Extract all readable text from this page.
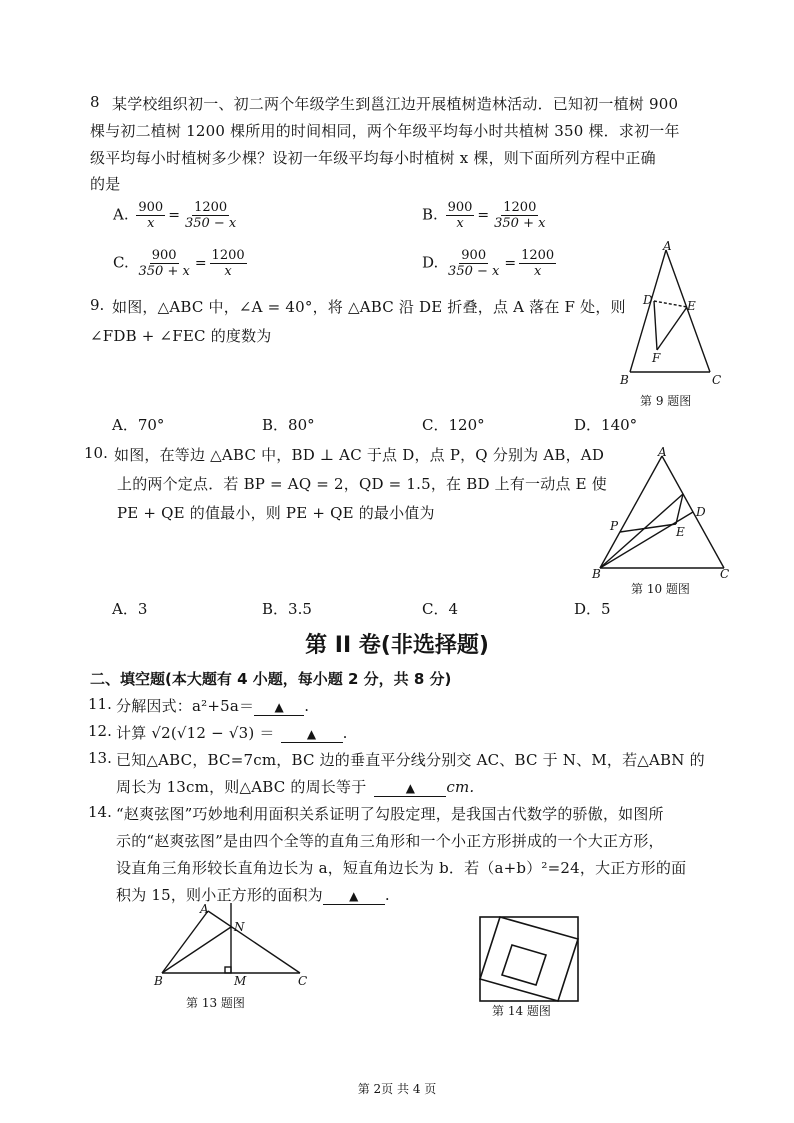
8 某学校组织初一、初二两个年级学生到邕江边开展植树造林活动．已知初一植树 900
棵与初二植树 1200 棵所用的时间相同，两个年级平均每小时共植树 350 棵．求初一年
级平均每小时植树多少棵？设初一年级平均每小时植树 x 棵，则下面所列方程中正确
的是
A. $\frac{900}{x} = \frac{1200}{350 - x}$	B. $\frac{900}{x} = \frac{1200}{350 + x}$
C. $\frac{900}{350 + x} = \frac{1200}{x}$	D. $\frac{900}{350 - x} = \frac{1200}{x}$
9. 如图，△ABC 中，∠A = 40°，将 △ABC 沿 DE 折叠，点 A 落在 F 处，则
∠FDB + ∠FEC 的度数为
A
B	C
D	E
F
第 9 题图
A．70°	B．80°	C．120°	D．140°
10. 如图，在等边 △ABC 中，BD ⊥ AC 于点 D，点 P，Q 分别为 AB，AD
上的两个定点．若 BP = AQ = 2，QD = 1.5，在 BD 上有一动点 E 使
PE + QE 的值最小，则 PE + QE 的最小值为
A
B	C
D
E
P
第 10 题图
A．3	B．3.5	C．4	D．5
第 II 卷(非选择题)
二、填空题(本大题有 4 小题，每小题 2 分，共 8 分)
11. 分解因式：a²+5a＝ ▲ .
12. 计算 √2(√12 − √3) ＝	▲ .
13. 已知△ABC，BC=7cm，BC 边的垂直平分线分别交 AC、BC 于 N、M，若△ABN 的
周长为 13cm，则△ABC 的周长等于	▲ cm.
14. “赵爽弦图”巧妙地利用面积关系证明了勾股定理，是我国古代数学的骄傲，如图所
示的“赵爽弦图”是由四个全等的直角三角形和一个小正方形拼成的一个大正方形，
设直角三角形较长直角边长为 a，短直角边长为 b．若（a+b）²=24，大正方形的面
积为 15，则小正方形的面积为 ▲ .
A
B	C
M
N
第 13 题图
第 14 题图
第 2页 共 4 页
